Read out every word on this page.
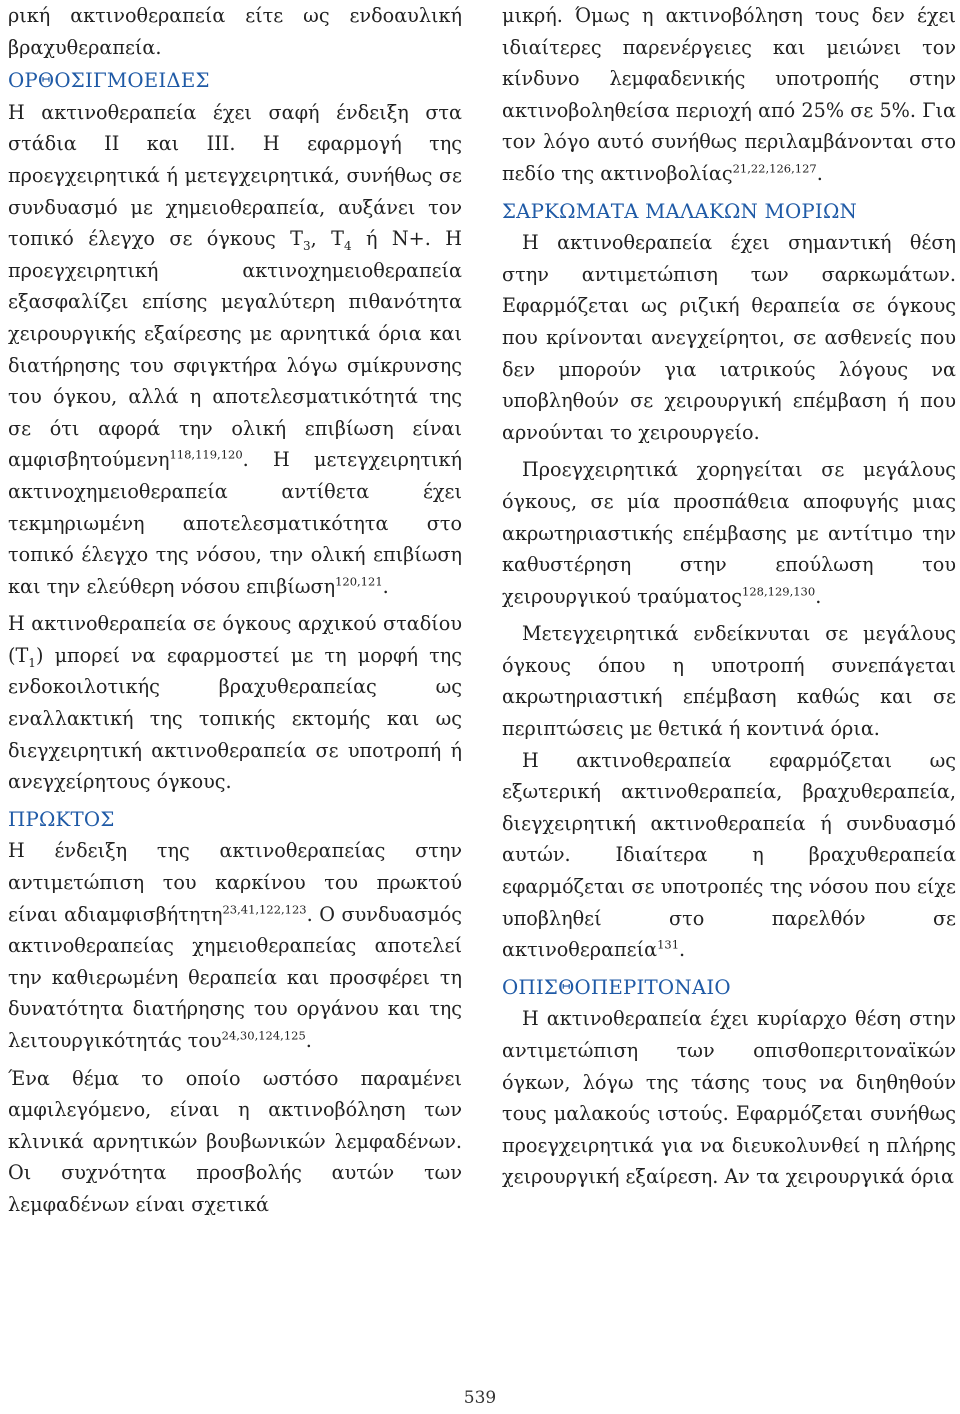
ρική ακτινοθεραπεία είτε ως ενδοαυλική βραχυθεραπεία.

ΟΡΘΟΣΙΓΜΟΕΙΔΕΣ

Η ακτινοθεραπεία έχει σαφή ένδειξη στα στάδια II και III. Η εφαρμογή της προεγχειρητικά ή μετεγχειρητικά, συνήθως σε συνδυασμό με χημειοθεραπεία, αυξάνει τον τοπικό έλεγχο σε όγκους $T_3$, $T_4$ ή N+. Η προεγχειρητική ακτινοχημειοθεραπεία εξασφαλίζει επίσης μεγαλύτερη πιθανότητα χειρουργικής εξαίρεσης με αρνητικά όρια και διατήρησης του σφιγκτήρα λόγω σμίκρυνσης του όγκου, αλλά η αποτελεσματικότητά της σε ότι αφορά την ολική επιβίωση είναι αμφισβητούμενη$^{118,119,120}$. Η μετεγχειρητική ακτινοχημειοθεραπεία αντίθετα έχει τεκμηριωμένη αποτελεσματικότητα στο τοπικό έλεγχο της νόσου, την ολική επιβίωση και την ελεύθερη νόσου επιβίωση$^{120,121}$.

Η ακτινοθεραπεία σε όγκους αρχικού σταδίου $(T_1)$ μπορεί να εφαρμοστεί με τη μορφή της ενδοκοιλοτικής βραχυθεραπείας ως εναλλακτική της τοπικής εκτομής και ως διεγχειρητική ακτινοθεραπεία σε υποτροπή ή ανεγχείρητους όγκους.

ΠΡΩΚΤΟΣ

Η ένδειξη της ακτινοθεραπείας στην αντιμετώπιση του καρκίνου του πρωκτού είναι αδιαμφισβήτητη$^{23,41,122,123}$. Ο συνδυασμός ακτινοθεραπείας χημειοθεραπείας αποτελεί την καθιερωμένη θεραπεία και προσφέρει τη δυνατότητα διατήρησης του οργάνου και της λειτουργικότητάς του$^{24,30,124,125}$.

Ένα θέμα το οποίο ωστόσο παραμένει αμφιλεγόμενο, είναι η ακτινοβόληση των κλινικά αρνητικών βουβωνικών λεμφαδένων. Οι συχνότητα προσβολής αυτών των λεμφαδένων είναι σχετικά

μικρή. Όμως η ακτινοβόληση τους δεν έχει ιδιαίτερες παρενέργειες και μειώνει τον κίνδυνο λεμφαδενικής υποτροπής στην ακτινοβοληθείσα περιοχή από 25% σε 5%. Για τον λόγο αυτό συνήθως περιλαμβάνονται στο πεδίο της ακτινοβολίας$^{21,22,126,127}$.

ΣΑΡΚΩΜΑΤΑ ΜΑΛΑΚΩΝ ΜΟΡΙΩΝ

Η ακτινοθεραπεία έχει σημαντική θέση στην αντιμετώπιση των σαρκωμάτων. Εφαρμόζεται ως ριζική θεραπεία σε όγκους που κρίνονται ανεγχείρητοι, σε ασθενείς που δεν μπορούν για ιατρικούς λόγους να υποβληθούν σε χειρουργική επέμβαση ή που αρνούνται το χειρουργείο.

Προεγχειρητικά χορηγείται σε μεγάλους όγκους, σε μία προσπάθεια αποφυγής μιας ακρωτηριαστικής επέμβασης με αντίτιμο την καθυστέρηση στην επούλωση του χειρουργικού τραύματος$^{128,129,130}$.

Μετεγχειρητικά ενδείκνυται σε μεγάλους όγκους όπου η υποτροπή συνεπάγεται ακρωτηριαστική επέμβαση καθώς και σε περιπτώσεις με θετικά ή κοντινά όρια.

Η ακτινοθεραπεία εφαρμόζεται ως εξωτερική ακτινοθεραπεία, βραχυθεραπεία, διεγχειρητική ακτινοθεραπεία ή συνδυασμό αυτών. Ιδιαίτερα η βραχυθεραπεία εφαρμόζεται σε υποτροπές της νόσου που είχε υποβληθεί στο παρελθόν σε ακτινοθεραπεία$^{131}$.

ΟΠΙΣΘΟΠΕΡΙΤΟΝΑΙΟ

Η ακτινοθεραπεία έχει κυρίαρχο θέση στην αντιμετώπιση των οπισθοπεριτοναϊκών όγκων, λόγω της τάσης τους να διηθηθούν τους μαλακούς ιστούς. Εφαρμόζεται συνήθως προεγχειρητικά για να διευκολυνθεί η πλήρης χειρουργική εξαίρεση. Αν τα χειρουργικά όρια

539
